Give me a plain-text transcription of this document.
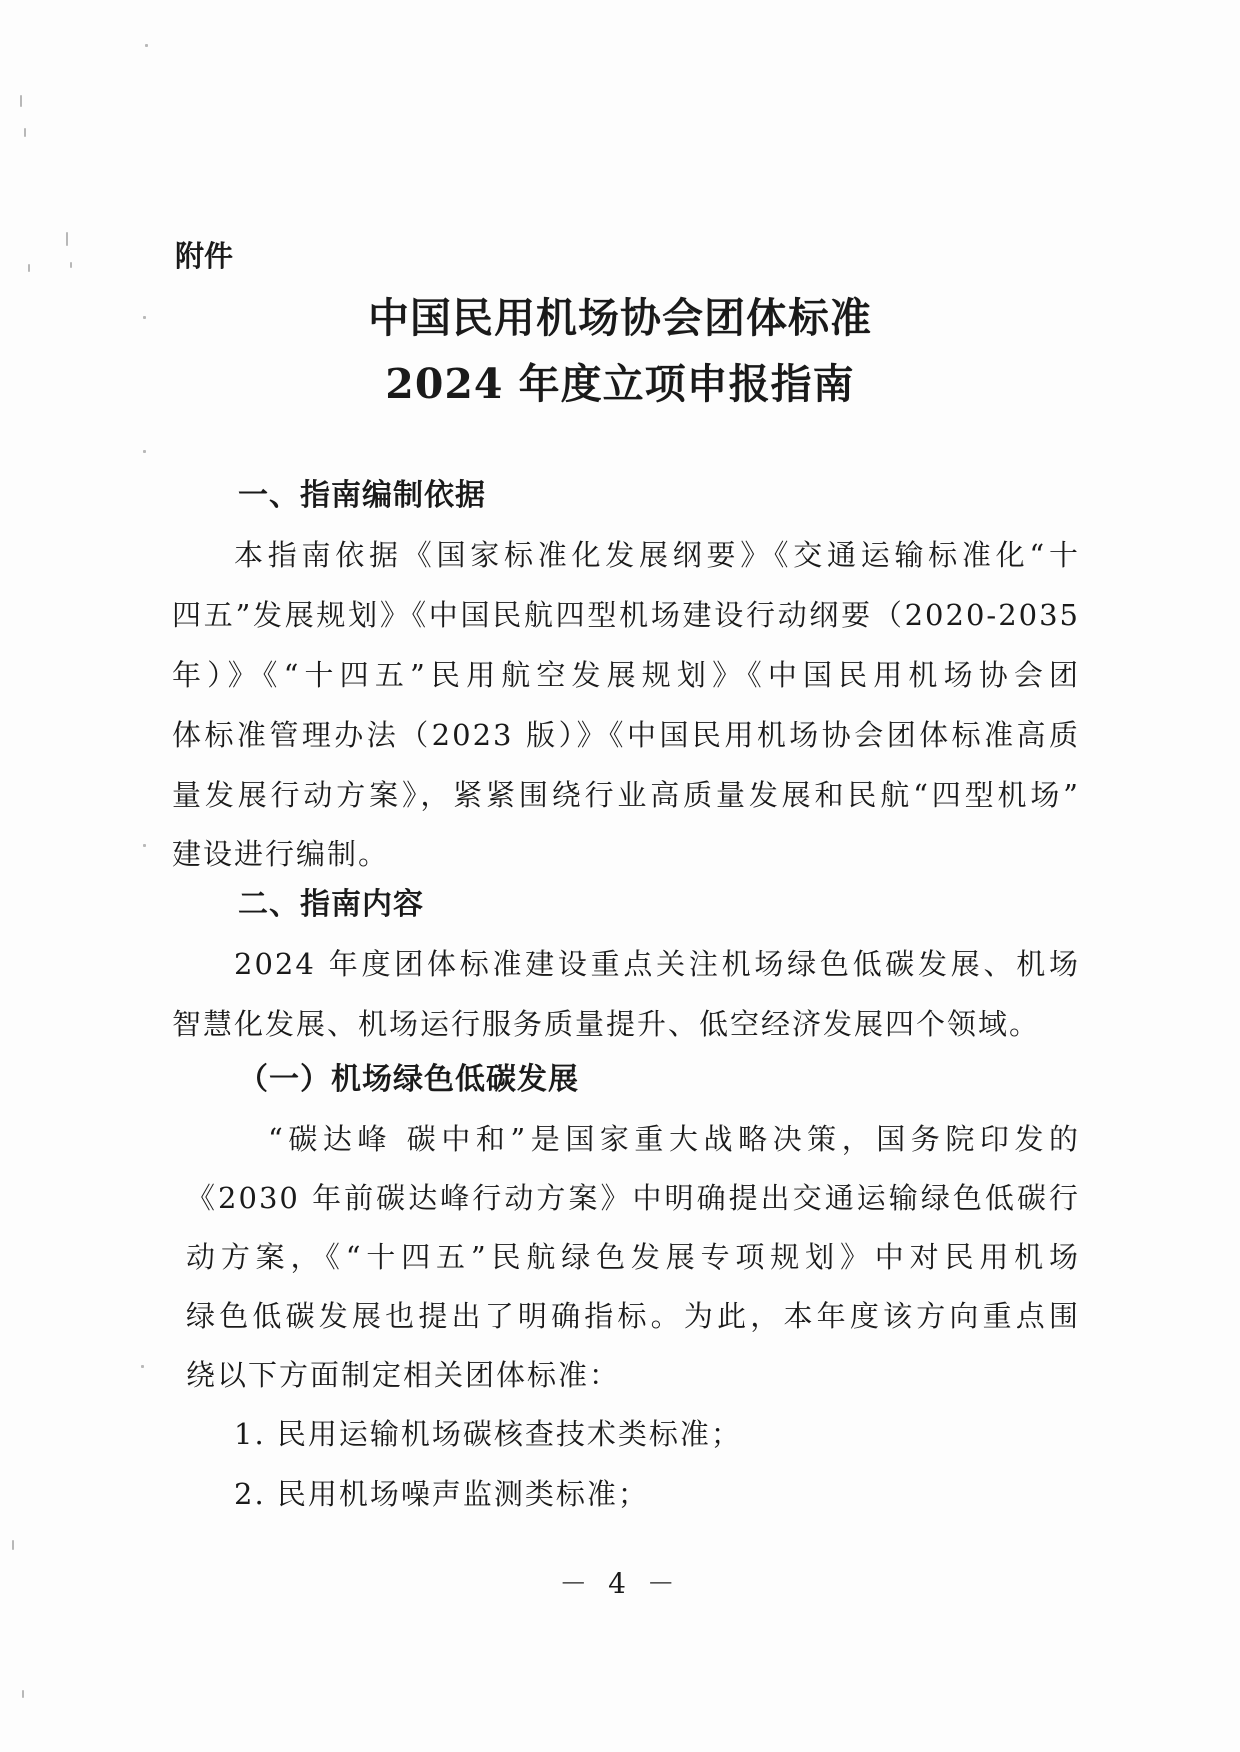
附件
中国民用机场协会团体标准
2024 年度立项申报指南
一、指南编制依据
本指南依据《国家标准化发展纲要》《交通运输标准化“十
四五”发展规划》《中国民航四型机场建设行动纲要（2020-2035
年）》《“十四五”民用航空发展规划》《中国民用机场协会团
体标准管理办法（2023 版）》《中国民用机场协会团体标准高质
量发展行动方案》，紧紧围绕行业高质量发展和民航“四型机场”
建设进行编制。
二、指南内容
2024 年度团体标准建设重点关注机场绿色低碳发展、机场
智慧化发展、机场运行服务质量提升、低空经济发展四个领域。
（一）机场绿色低碳发展
“碳达峰 碳中和”是国家重大战略决策，国务院印发的
《2030 年前碳达峰行动方案》中明确提出交通运输绿色低碳行
动方案，《“十四五”民航绿色发展专项规划》中对民用机场
绿色低碳发展也提出了明确指标。为此，本年度该方向重点围
绕以下方面制定相关团体标准：
1. 民用运输机场碳核查技术类标准；
2. 民用机场噪声监测类标准；
－ 4 －
